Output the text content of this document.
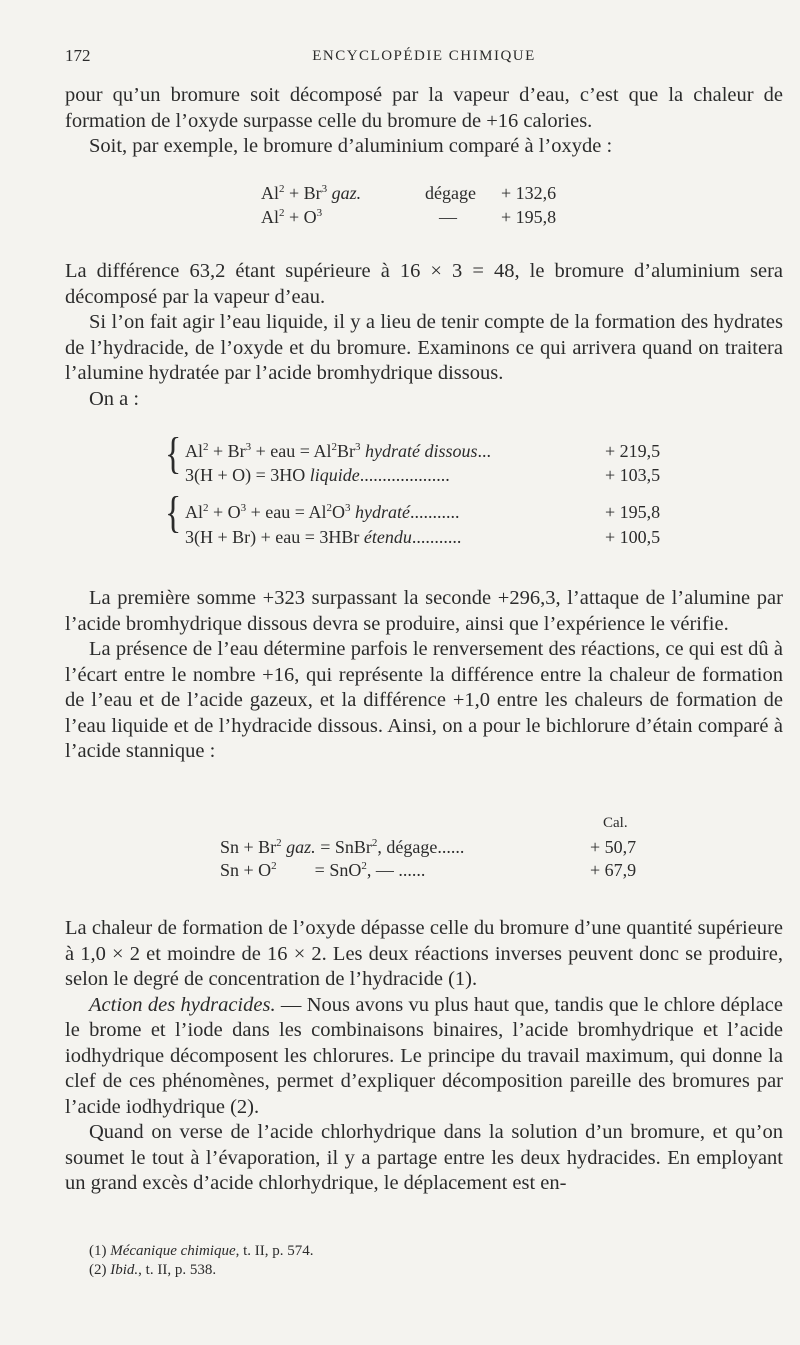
172	ENCYCLOPÉDIE CHIMIQUE

pour qu’un bromure soit décomposé par la vapeur d’eau, c’est que la chaleur de formation de l’oxyde surpasse celle du bromure de +16 calories.

Soit, par exemple, le bromure d’aluminium comparé à l’oxyde :

$Al^2 + Br^3$ gaz.	dégage + 132,6
$Al^2 + O^3$	— + 195,8

La différence 63,2 étant supérieure à 16 × 3 = 48, le bromure d’aluminium sera décomposé par la vapeur d’eau.

Si l’on fait agir l’eau liquide, il y a lieu de tenir compte de la formation des hydrates de l’hydracide, de l’oxyde et du bromure. Examinons ce qui arrivera quand on traitera l’alumine hydratée par l’acide bromhydrique dissous.

On a :

{
{
$Al^2 + Br^3$ + eau = $Al^2Br^3$ hydraté dissous...	+ 219,5
3(H + O) = 3HO liquide....................	+ 103,5
$Al^2 + O^3$ + eau = $Al^2O^3$ hydraté...........	+ 195,8
3(H + Br) + eau = 3HBr étendu...........	+ 100,5

La première somme +323 surpassant la seconde +296,3, l’attaque de l’alumine par l’acide bromhydrique dissous devra se produire, ainsi que l’expérience le vérifie.

La présence de l’eau détermine parfois le renversement des réactions, ce qui est dû à l’écart entre le nombre +16, qui représente la différence entre la chaleur de formation de l’eau et de l’acide gazeux, et la différence +1,0 entre les chaleurs de formation de l’eau liquide et de l’hydracide dissous. Ainsi, on a pour le bichlorure d’étain comparé à l’acide stannique :

Cal.
$Sn + Br^2$ gaz. = SnBr$^2$, dégage......	+ 50,7
$Sn + O^2 = SnO^2$, — ......	+ 67,9

La chaleur de formation de l’oxyde dépasse celle du bromure d’une quantité supérieure à 1,0 × 2 et moindre de 16 × 2. Les deux réactions inverses peuvent donc se produire, selon le degré de concentration de l’hydracide (1).

Action des hydracides. — Nous avons vu plus haut que, tandis que le chlore déplace le brome et l’iode dans les combinaisons binaires, l’acide bromhydrique et l’acide iodhydrique décomposent les chlorures. Le principe du travail maximum, qui donne la clef de ces phénomènes, permet d’expliquer décomposition pareille des bromures par l’acide iodhydrique (2).

Quand on verse de l’acide chlorhydrique dans la solution d’un bromure, et qu’on soumet le tout à l’évaporation, il y a partage entre les deux hydracides. En employant un grand excès d’acide chlorhydrique, le déplacement est en-

(1) Mécanique chimique, t. II, p. 574.
(2) Ibid., t. II, p. 538.
